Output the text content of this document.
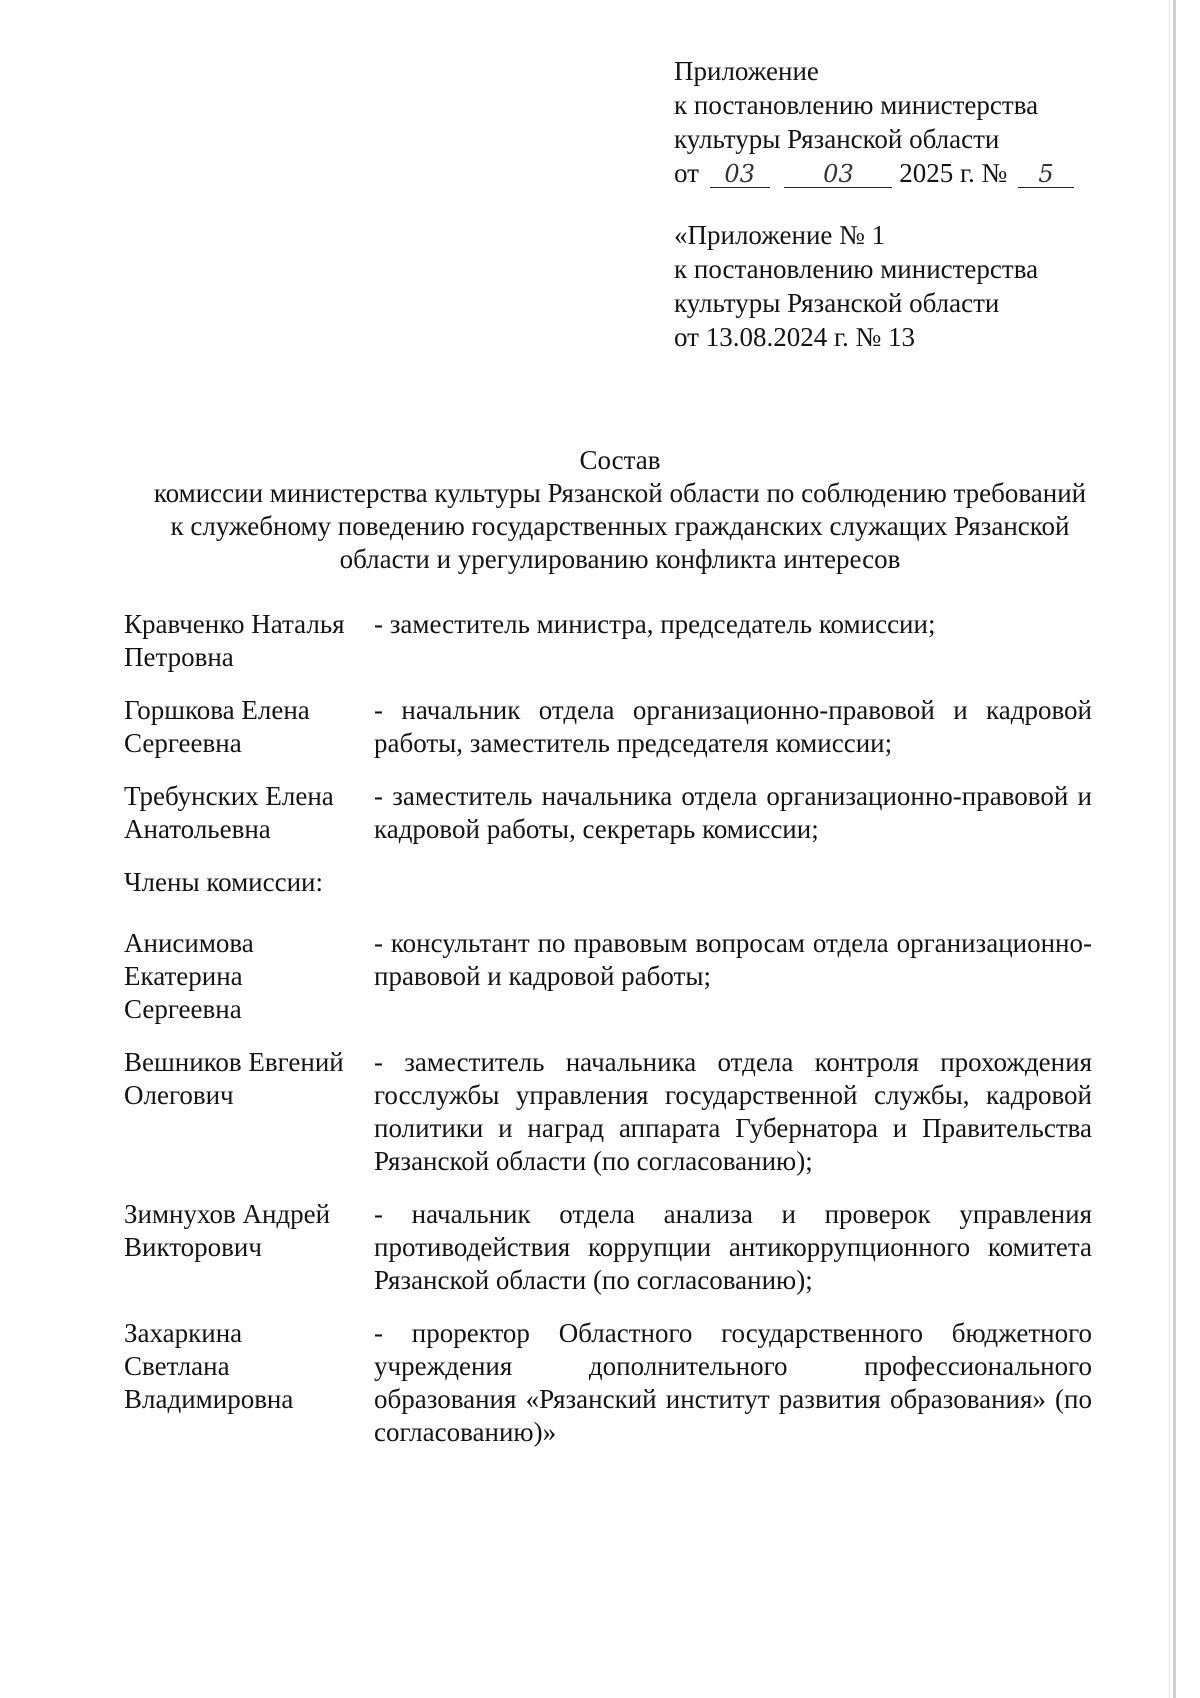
Приложение
к постановлению министерства
культуры Рязанской области
от 03	03 2025 г. № 5
«Приложение № 1
к постановлению министерства
культуры Рязанской области
от 13.08.2024 г. № 13
Состав
комиссии министерства культуры Рязанской области по соблюдению требований
к служебному поведению государственных гражданских служащих Рязанской
области и урегулированию конфликта интересов
Кравченко Наталья
Петровна
- заместитель министра, председатель комиссии;
Горшкова Елена
Сергеевна
- начальник отдела организационно-правовой и кадровой работы, заместитель председателя комиссии;
Требунских Елена
Анатольевна
- заместитель начальника отдела организационно-правовой и кадровой работы, секретарь комиссии;
Члены комиссии:
Анисимова
Екатерина
Сергеевна
- консультант по правовым вопросам отдела организационно-правовой и кадровой работы;
Вешников Евгений
Олегович
- заместитель начальника отдела контроля прохождения госслужбы управления государственной службы, кадровой политики и наград аппарата Губернатора и Правительства Рязанской области (по согласованию);
Зимнухов Андрей
Викторович
- начальник отдела анализа и проверок управления противодействия коррупции антикоррупционного комитета Рязанской области (по согласованию);
Захаркина
Светлана
Владимировна
- проректор Областного государственного бюджетного учреждения дополнительного профессионального образования «Рязанский институт развития образования» (по согласованию)»
